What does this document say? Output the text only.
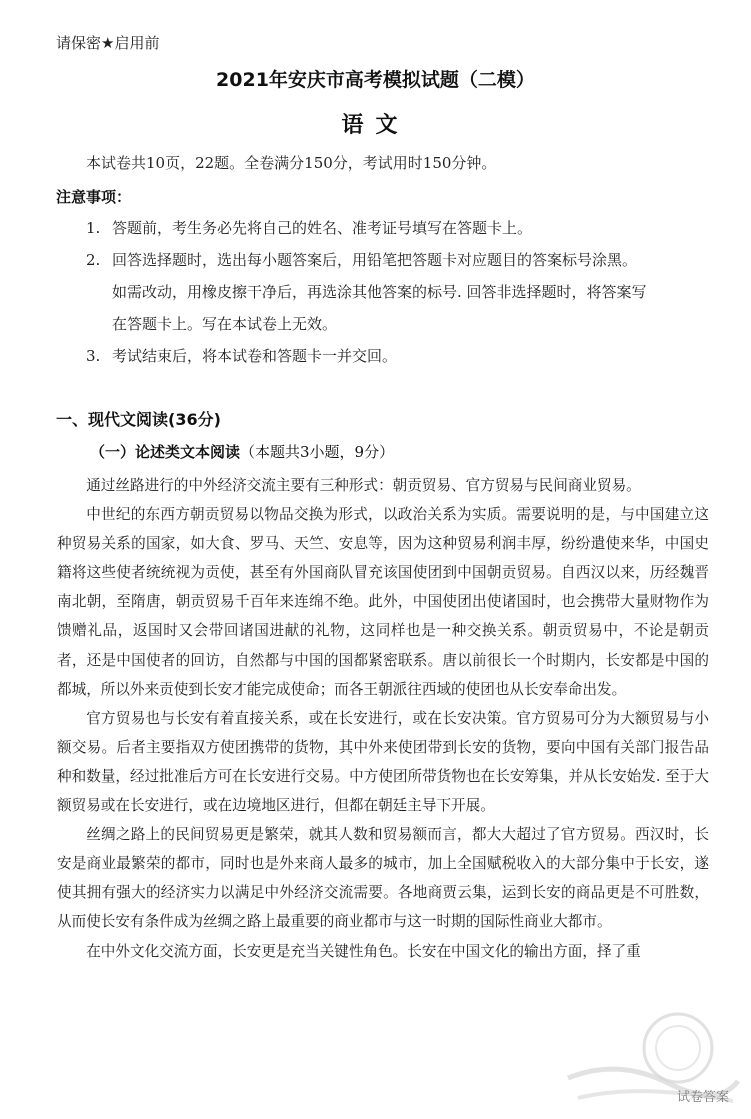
请保密★启用前
2021年安庆市高考模拟试题（二模）
语文
本试卷共10页，22题。全卷满分150分，考试用时150分钟。
注意事项：
1. 答题前，考生务必先将自己的姓名、准考证号填写在答题卡上。
2. 回答选择题时，选出每小题答案后，用铅笔把答题卡对应题目的答案标号涂黑。
如需改动，用橡皮擦干净后，再选涂其他答案的标号. 回答非选择题时，将答案写
在答题卡上。写在本试卷上无效。
3. 考试结束后，将本试卷和答题卡一并交回。
一、现代文阅读(36分)
（一）论述类文本阅读（本题共3小题，9分）

通过丝路进行的中外经济交流主要有三种形式：朝贡贸易、官方贸易与民间商业贸易。

中世纪的东西方朝贡贸易以物品交换为形式，以政治关系为实质。需要说明的是，与中国建立这种贸易关系的国家，如大食、罗马、天竺、安息等，因为这种贸易利润丰厚，纷纷遣使来华，中国史籍将这些使者统统视为贡使，甚至有外国商队冒充该国使团到中国朝贡贸易。自西汉以来，历经魏晋南北朝，至隋唐，朝贡贸易千百年来连绵不绝。此外，中国使团出使诸国时，也会携带大量财物作为馈赠礼品，返国时又会带回诸国进献的礼物，这同样也是一种交换关系。朝贡贸易中，不论是朝贡者，还是中国使者的回访，自然都与中国的国都紧密联系。唐以前很长一个时期内，长安都是中国的都城，所以外来贡使到长安才能完成使命；而各王朝派往西域的使团也从长安奉命出发。

官方贸易也与长安有着直接关系，或在长安进行，或在长安决策。官方贸易可分为大额贸易与小额交易。后者主要指双方使团携带的货物，其中外来使团带到长安的货物，要向中国有关部门报告品种和数量，经过批准后方可在长安进行交易。中方使团所带货物也在长安筹集，并从长安始发. 至于大额贸易或在长安进行，或在边境地区进行，但都在朝廷主导下开展。

丝绸之路上的民间贸易更是繁荣，就其人数和贸易额而言，都大大超过了官方贸易。西汉时，长安是商业最繁荣的都市，同时也是外来商人最多的城市，加上全国赋税收入的大部分集中于长安，遂使其拥有强大的经济实力以满足中外经济交流需要。各地商贾云集，运到长安的商品更是不可胜数，从而使长安有条件成为丝绸之路上最重要的商业都市与这一时期的国际性商业大都市。

在中外文化交流方面，长安更是充当关键性角色。长安在中国文化的输出方面，择了重

试卷答案
